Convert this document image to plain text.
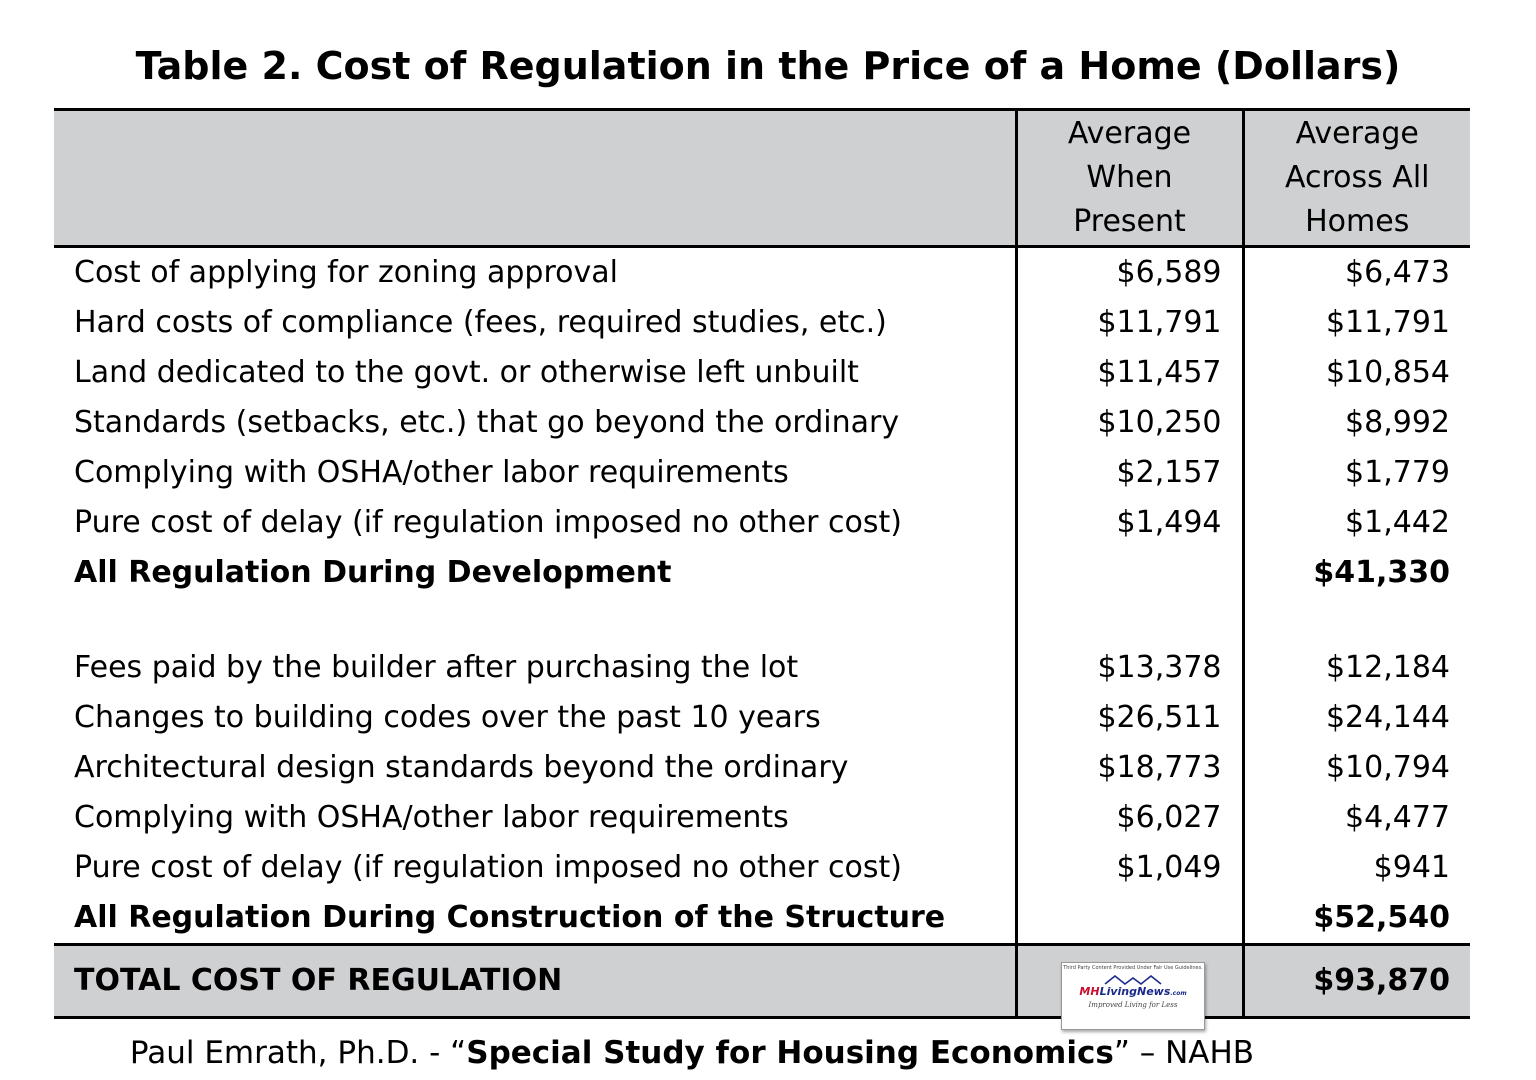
Table 2. Cost of Regulation in the Price of a Home (Dollars)
	Average
When
Present	Average
Across All
Homes
Cost of applying for zoning approval	$6,589	$6,473
Hard costs of compliance (fees, required studies, etc.)	$11,791	$11,791
Land dedicated to the govt. or otherwise left unbuilt	$11,457	$10,854
Standards (setbacks, etc.) that go beyond the ordinary	$10,250	$8,992
Complying with OSHA/other labor requirements	$2,157	$1,779
Pure cost of delay (if regulation imposed no other cost)	$1,494	$1,442
All Regulation During Development		$41,330

Fees paid by the builder after purchasing the lot	$13,378	$12,184
Changes to building codes over the past 10 years	$26,511	$24,144
Architectural design standards beyond the ordinary	$18,773	$10,794
Complying with OSHA/other labor requirements	$6,027	$4,477
Pure cost of delay (if regulation imposed no other cost)	$1,049	$941
All Regulation During Construction of the Structure		$52,540
TOTAL COST OF REGULATION		$93,870
Third Party Content Provided Under Fair Use Guidelines.
MHLivingNews.com
Improved Living for Less
Paul Emrath, Ph.D. - “Special Study for Housing Economics” – NAHB
